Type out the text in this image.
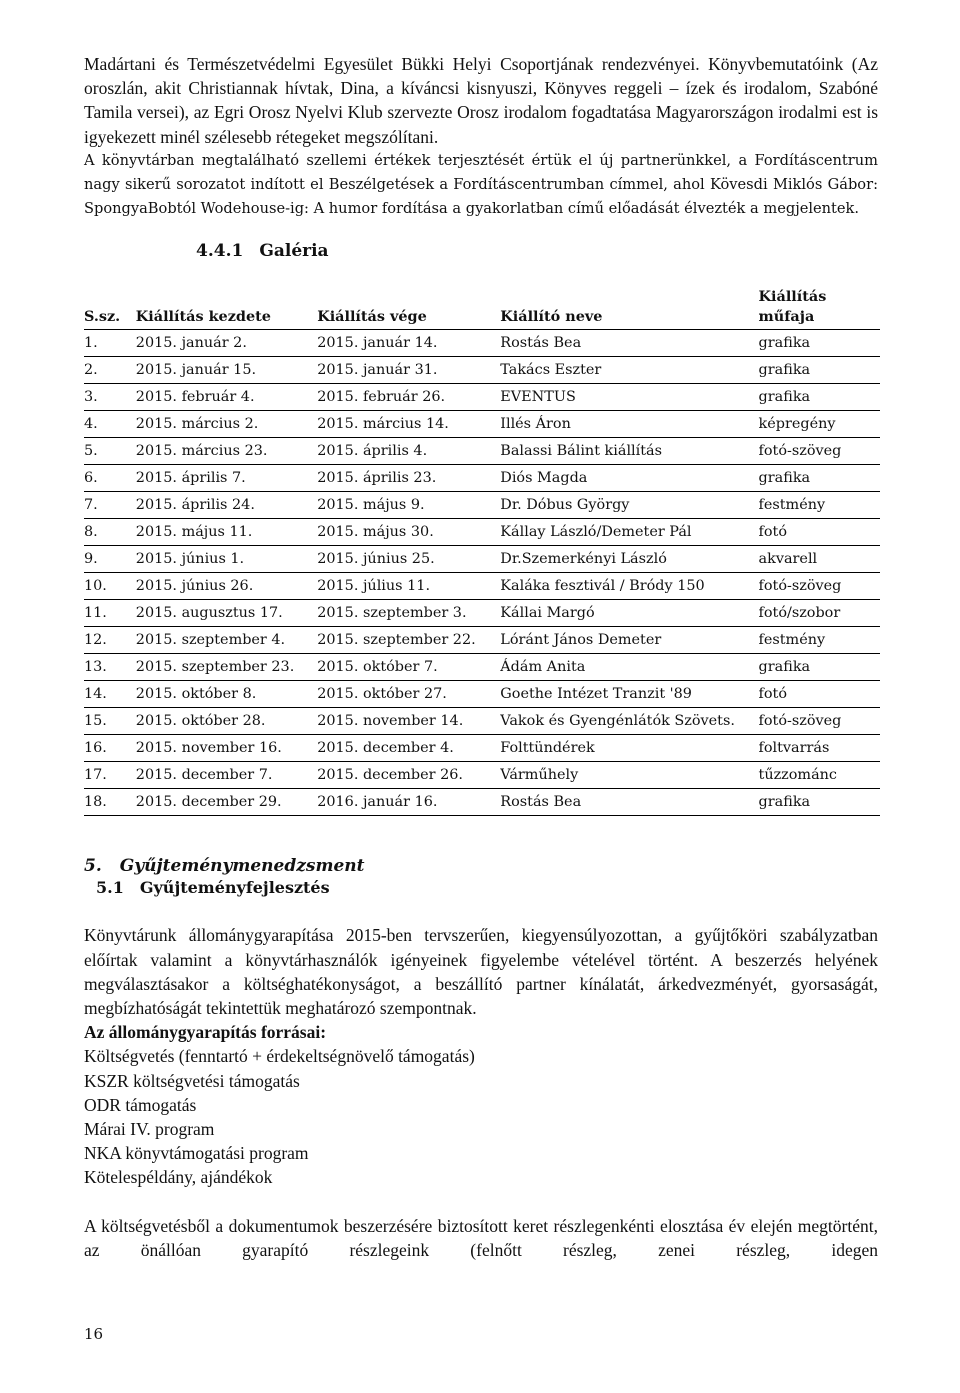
Madártani és Természetvédelmi Egyesület Bükki Helyi Csoportjának rendezvényei. Könyvbemutatóink (Az oroszlán, akit Christiannak hívtak, Dina, a kíváncsi kisnyuszi, Könyves reggeli – ízek és irodalom, Szabóné Tamila versei), az Egri Orosz Nyelvi Klub szervezte Orosz irodalom fogadtatása Magyarországon irodalmi est is igyekezett minél szélesebb rétegeket megszólítani.

A könyvtárban megtalálható szellemi értékek terjesztését értük el új partnerünkkel, a Fordításcentrum nagy sikerű sorozatot indított el Beszélgetések a Fordításcentrumban címmel, ahol Kövesdi Miklós Gábor: SpongyaBobtól Wodehouse-ig: A humor fordítása a gyakorlatban című előadását élvezték a megjelentek.

4.4.1 Galéria
S.sz.	Kiállítás kezdete	Kiállítás vége	Kiállító neve	Kiállítás műfaja
1.	2015. január 2.	2015. január 14.	Rostás Bea	grafika
2.	2015. január 15.	2015. január 31.	Takács Eszter	grafika
3.	2015. február 4.	2015. február 26.	EVENTUS	grafika
4.	2015. március 2.	2015. március 14.	Illés Áron	képregény
5.	2015. március 23.	2015. április 4.	Balassi Bálint kiállítás	fotó-szöveg
6.	2015. április 7.	2015. április 23.	Diós Magda	grafika
7.	2015. április 24.	2015. május 9.	Dr. Dóbus György	festmény
8.	2015. május 11.	2015. május 30.	Kállay László/Demeter Pál	fotó
9.	2015. június 1.	2015. június 25.	Dr.Szemerkényi László	akvarell
10.	2015. június 26.	2015. július 11.	Kaláka fesztivál / Bródy 150	fotó-szöveg
11.	2015. augusztus 17.	2015. szeptember 3.	Kállai Margó	fotó/szobor
12.	2015. szeptember 4.	2015. szeptember 22.	Lóránt János Demeter	festmény
13.	2015. szeptember 23.	2015. október 7.	Ádám Anita	grafika
14.	2015. október 8.	2015. október 27.	Goethe Intézet Tranzit '89	fotó
15.	2015. október 28.	2015. november 14.	Vakok és Gyengénlátók Szövets.	fotó-szöveg
16.	2015. november 16.	2015. december 4.	Folttündérek	foltvarrás
17.	2015. december 7.	2015. december 26.	Várműhely	tűzzománc
18.	2015. december 29.	2016. január 16.	Rostás Bea	grafika
5. Gyűjteménymenedzsment
5.1 Gyűjteményfejlesztés

Könyvtárunk állománygyarapítása 2015-ben tervszerűen, kiegyensúlyozottan, a gyűjtőköri szabályzatban előírtak valamint a könyvtárhasználók igényeinek figyelembe vételével történt. A beszerzés helyének megválasztásakor a költséghatékonyságot, a beszállító partner kínálatát, árkedvezményét, gyorsaságát, megbízhatóságát tekintettük meghatározó szempontnak.

Az állománygyarapítás forrásai:

Költségvetés (fenntartó + érdekeltségnövelő támogatás)

KSZR költségvetési támogatás

ODR támogatás

Márai IV. program

NKA könyvtámogatási program

Kötelespéldány, ajándékok

A költségvetésből a dokumentumok beszerzésére biztosított keret részlegenkénti elosztása év elején megtörtént, az önállóan gyarapító részlegeink (felnőtt részleg, zenei részleg, idegen

16
